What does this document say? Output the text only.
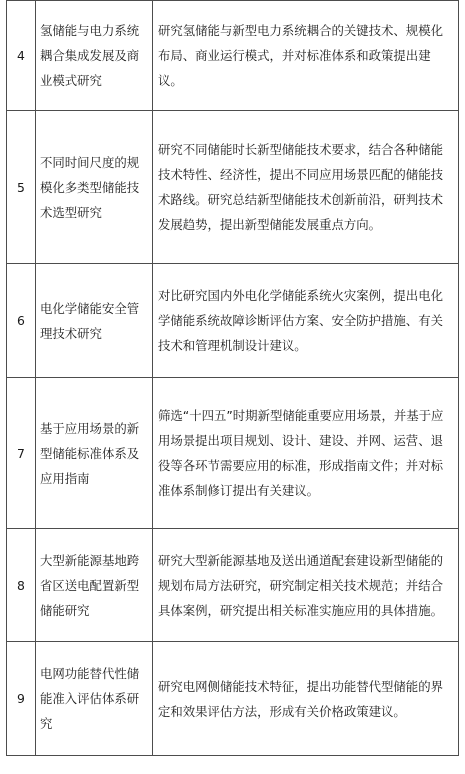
4	氢储能与电力系统耦合集成发展及商业模式研究	研究氢储能与新型电力系统耦合的关键技术、规模化布局、商业运行模式，并对标准体系和政策提出建议。

5	不同时间尺度的规模化多类型储能技术选型研究	研究不同储能时长新型储能技术要求，结合各种储能技术特性、经济性，提出不同应用场景匹配的储能技术路线。研究总结新型储能技术创新前沿，研判技术发展趋势，提出新型储能发展重点方向。

6	电化学储能安全管理技术研究	对比研究国内外电化学储能系统火灾案例，提出电化学储能系统故障诊断评估方案、安全防护措施、有关技术和管理机制设计建议。

7	基于应用场景的新型储能标准体系及应用指南	筛选“十四五”时期新型储能重要应用场景，并基于应用场景提出项目规划、设计、建设、并网、运营、退役等各环节需要应用的标准，形成指南文件；并对标准体系制修订提出有关建议。

8	大型新能源基地跨省区送电配置新型储能研究	研究大型新能源基地及送出通道配套建设新型储能的规划布局方法研究，研究制定相关技术规范；并结合具体案例，研究提出相关标准实施应用的具体措施。

9	电网功能替代性储能准入评估体系研究	研究电网侧储能技术特征，提出功能替代型储能的界定和效果评估方法，形成有关价格政策建议。
